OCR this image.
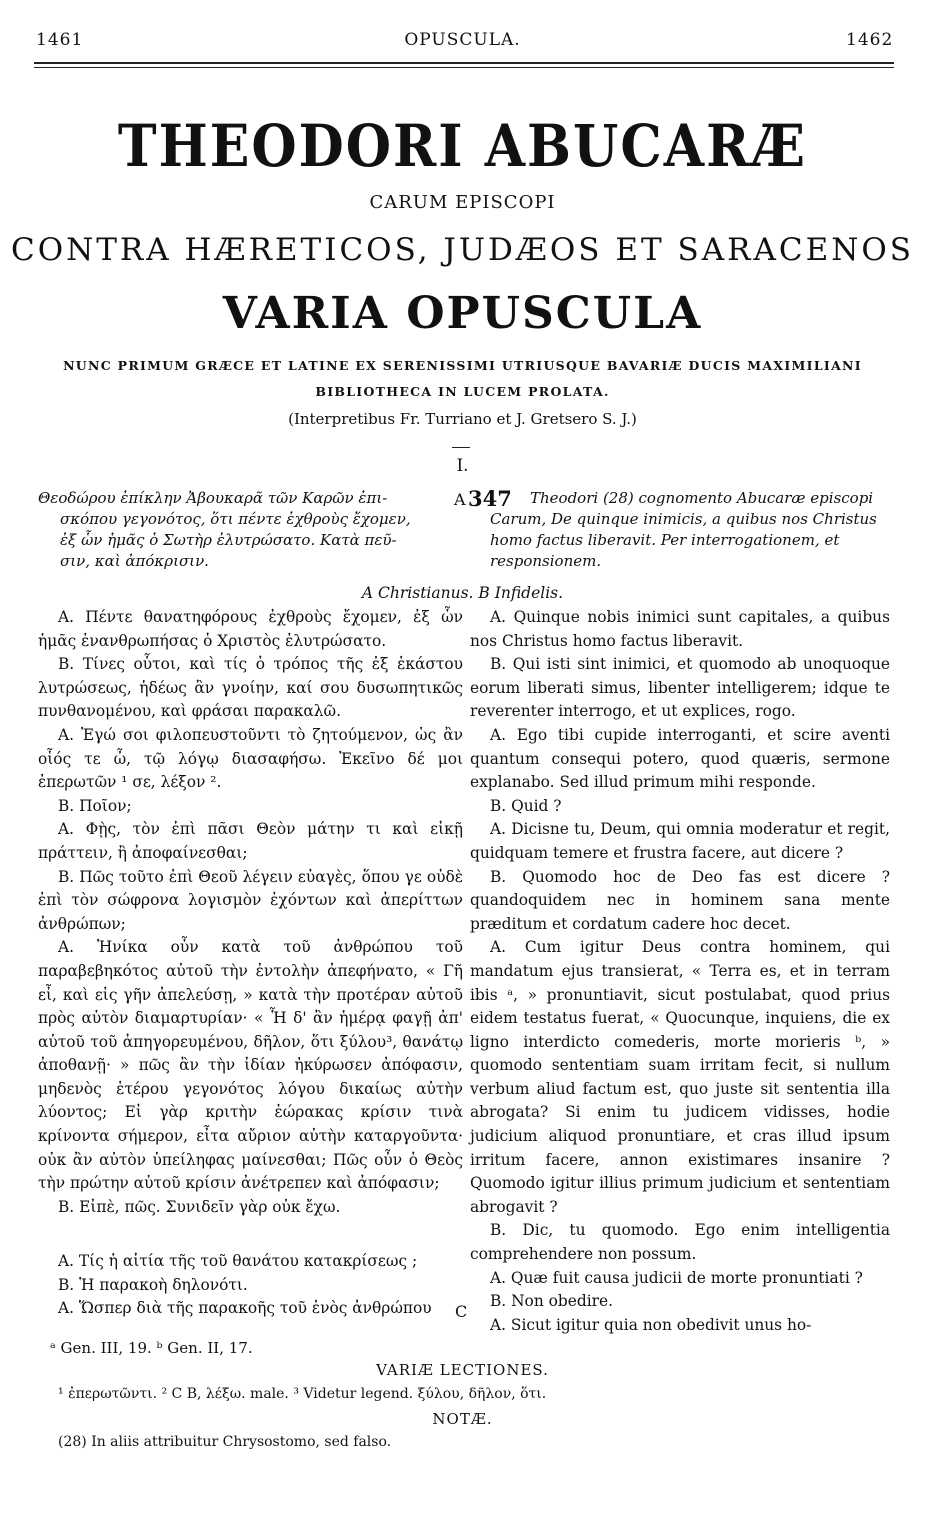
1461	OPUSCULA.	1462
THEODORI ABUCARÆ
CARUM EPISCOPI
CONTRA HÆRETICOS, JUDÆOS ET SARACENOS
VARIA OPUSCULA
NUNC PRIMUM GRÆCE ET LATINE EX SERENISSIMI UTRIUSQUE BAVARIÆ DUCIS MAXIMILIANI
BIBLIOTHECA IN LUCEM PROLATA.
(Interpretibus Fr. Turriano et J. Gretsero S. J.)
I.
Θεοδώρου ἐπίκλην Ἀβουκαρᾶ τῶν Καρῶν ἐπι-
σκόπου γεγονότος, ὅτι πέντε ἐχθροὺς ἔχομεν,
ἐξ ὧν ἡμᾶς ὁ Σωτὴρ ἐλυτρώσατο. Κατὰ πεῦ-
σιν, καὶ ἀπόκρισιν.
A 347	Theodori (28) cognomento Abucaræ episcopi
Carum, De quinque inimicis, a quibus nos Christus
homo factus liberavit. Per interrogationem, et
responsionem.
A Christianus. B Infidelis.

Α. Πέντε θανατηφόρους ἐχθροὺς ἔχομεν, ἐξ ὧν ἡμᾶς ἐνανθρωπήσας ὁ Χριστὸς ἐλυτρώσατο.

Β. Τίνες οὗτοι, καὶ τίς ὁ τρόπος τῆς ἐξ ἑκάστου λυτρώσεως, ἡδέως ἂν γνοίην, καί σου δυσωπητικῶς πυνθανομένου, καὶ φράσαι παρακαλῶ.

Α. Ἐγώ σοι φιλοπευστοῦντι τὸ ζητούμενον, ὡς ἂν οἷός τε ὦ, τῷ λόγῳ διασαφήσω. Ἐκεῖνο δέ μοι ἐπερωτῶν ¹ σε, λέξον ².

Β. Ποῖον;

Α. Φῂς, τὸν ἐπὶ πᾶσι Θεὸν μάτην τι καὶ εἰκῇ πράττειν, ἢ ἀποφαίνεσθαι;

Β. Πῶς τοῦτο ἐπὶ Θεοῦ λέγειν εὐαγὲς, ὅπου γε οὐδὲ ἐπὶ τὸν σώφρονα λογισμὸν ἐχόντων καὶ ἀπερίττων ἀνθρώπων;

Α. Ἡνίκα οὖν κατὰ τοῦ ἀνθρώπου τοῦ παραβεβηκότος αὐτοῦ τὴν ἐντολὴν ἀπεφήνατο, « Γῆ εἶ, καὶ εἰς γῆν ἀπελεύσῃ, » κατὰ τὴν προτέραν αὐτοῦ πρὸς αὐτὸν διαμαρτυρίαν· « Ἧ δ' ἂν ἡμέρᾳ φαγῇ ἀπ' αὐτοῦ τοῦ ἀπηγορευμένου, δῆλον, ὅτι ξύλου³, θανάτῳ ἀποθανῇ· » πῶς ἂν τὴν ἰδίαν ἠκύρωσεν ἀπόφασιν, μηδενὸς ἑτέρου γεγονότος λόγου δικαίως αὐτὴν λύοντος; Εἰ γὰρ κριτὴν ἑώρακας κρίσιν τινὰ κρίνοντα σήμερον, εἶτα αὔριον αὐτὴν καταργοῦντα· οὐκ ἂν αὐτὸν ὑπείληφας μαίνεσθαι; Πῶς οὖν ὁ Θεὸς τὴν πρώτην αὐτοῦ κρίσιν ἀνέτρεπεν καὶ ἀπόφασιν;

Β. Εἰπὲ, πῶς. Συνιδεῖν γὰρ οὐκ ἔχω.

Α. Τίς ἡ αἰτία τῆς τοῦ θανάτου κατακρίσεως ;

Β. Ἡ παρακοὴ δηλονότι.

Α. Ὥσπερ διὰ τῆς παρακοῆς τοῦ ἑνὸς ἀνθρώπου	C

A. Quinque nobis inimici sunt capitales, a quibus nos Christus homo factus liberavit.

B. Qui isti sint inimici, et quomodo ab unoquoque eorum liberati simus, libenter intelligerem; idque te reverenter interrogo, et ut explices, rogo.

A. Ego tibi cupide interroganti, et scire aventi quantum consequi potero, quod quæris, sermone explanabo. Sed illud primum mihi responde.

B. Quid ?

A. Dicisne tu, Deum, qui omnia moderatur et regit, quidquam temere et frustra facere, aut dicere ?

B. Quomodo hoc de Deo fas est dicere ? quandoquidem nec in hominem sana mente præditum et cordatum cadere hoc decet.

A. Cum igitur Deus contra hominem, qui mandatum ejus transierat, « Terra es, et in terram ibis ᵃ, » pronuntiavit, sicut postulabat, quod prius eidem testatus fuerat, « Quocunque, inquiens, die ex ligno interdicto comederis, morte morieris ᵇ, » quomodo sententiam suam irritam fecit, si nullum verbum aliud factum est, quo juste sit sententia illa abrogata? Si enim tu judicem vidisses, hodie judicium aliquod pronuntiare, et cras illud ipsum irritum facere, annon existimares insanire ? Quomodo igitur illius primum judicium et sententiam abrogavit ?

B. Dic, tu quomodo. Ego enim intelligentia comprehendere non possum.

A. Quæ fuit causa judicii de morte pronuntiati ?

B. Non obedire.

A. Sicut igitur quia non obedivit unus ho-

ᵃ Gen. III, 19. ᵇ Gen. II, 17.
VARIÆ LECTIONES.
¹ ἐπερωτῶντι. ² C B, λέξω. male. ³ Videtur legend. ξύλου, δῆλον, ὅτι.
NOTÆ.
(28) In aliis attribuitur Chrysostomo, sed falso.
